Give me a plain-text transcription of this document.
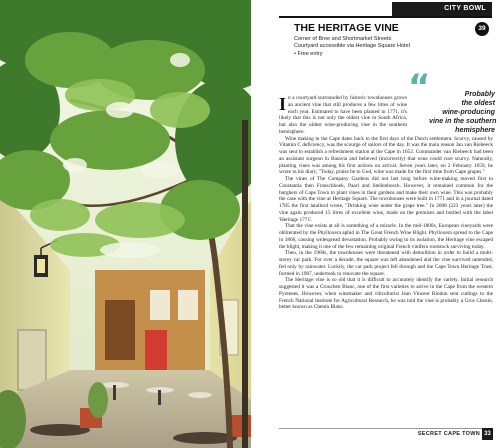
CITY BOWL
THE HERITAGE VINE	39
Corner of Bree and Shortmarket Streets
Courtyard accessible via Heritage Square Hotel
• Free entry
“	Probably
the oldest
wine-producing
vine in the southern
hemisphere

In a courtyard surrounded by historic townhouses grows an ancient vine that still produces a few litres of wine each year. Estimated to have been planted in 1771, it's likely that this is not only the oldest vine in South Africa, but also the oldest wine-producing vine in the southern hemisphere.

Wine making in the Cape dates back to the first days of the Dutch settlement. Scurvy, caused by Vitamin C deficiency, was the scourge of sailors of the day. It was the main reason Jan van Riebeeck was sent to establish a refreshment station at the Cape in 1652. Commander van Riebeeck had been an assistant surgeon in Batavia and believed (incorrectly) that wine could cure scurvy. Naturally, planting vines was among his first actions on arrival. Seven years later, on 2 February 1659, he wrote in his diary, "Today, praise be to God, wine was made for the first time from Cape grapes."

The vines of The Company Gardens did not last long before wine-making moved first to Constantia then Franschhoek, Paarl and Stellenbosch. However, it remained common for the burghers of Cape Town to plant vines in their gardens and make their own wine. This was probably the case with the vine at Heritage Square. The townhouses were built in 1771 and in a journal dated 1785 the first landlord wrote, "Drinking wine under the grape tree." In 2008 (223 years later) the vine again produced 15 litres of excellent wine, made on the premises and bottled with the label 'Heritage 1771'.

That the vine exists at all is something of a miracle. In the mid-1800s, European vineyards were obliterated by the Phylloxera aphid in The Great French Wine Blight. Phylloxera spread to the Cape in 1866, causing widespread devastation. Probably owing to its isolation, the Heritage vine escaped the blight, making it one of the few remaining original French vinifera rootstock surviving today.

Then, in the 1960s, the townhouses were threatened with demolition in order to build a multi-storey car park. For over a decade, the square was left abandoned and the vine survived untended, fed only by rainwater. Luckily, the car park project fell through and the Cape Town Heritage Trust, formed in 1987, undertook to renovate the square.

The Heritage vine is so old that it is difficult to accurately identify the variety. Initial research suggested it was a Crouchen Blanc, one of the first varieties to arrive in the Cape from the western Pyrenees. However, when winemaker and viticulturist Jean Vincent Rindon sent cuttings to the French National Institute for Agricultural Research, he was told the vine is probably a Gros Chenin, better known as Chenin Blanc.

SECRET CAPE TOWN 33
